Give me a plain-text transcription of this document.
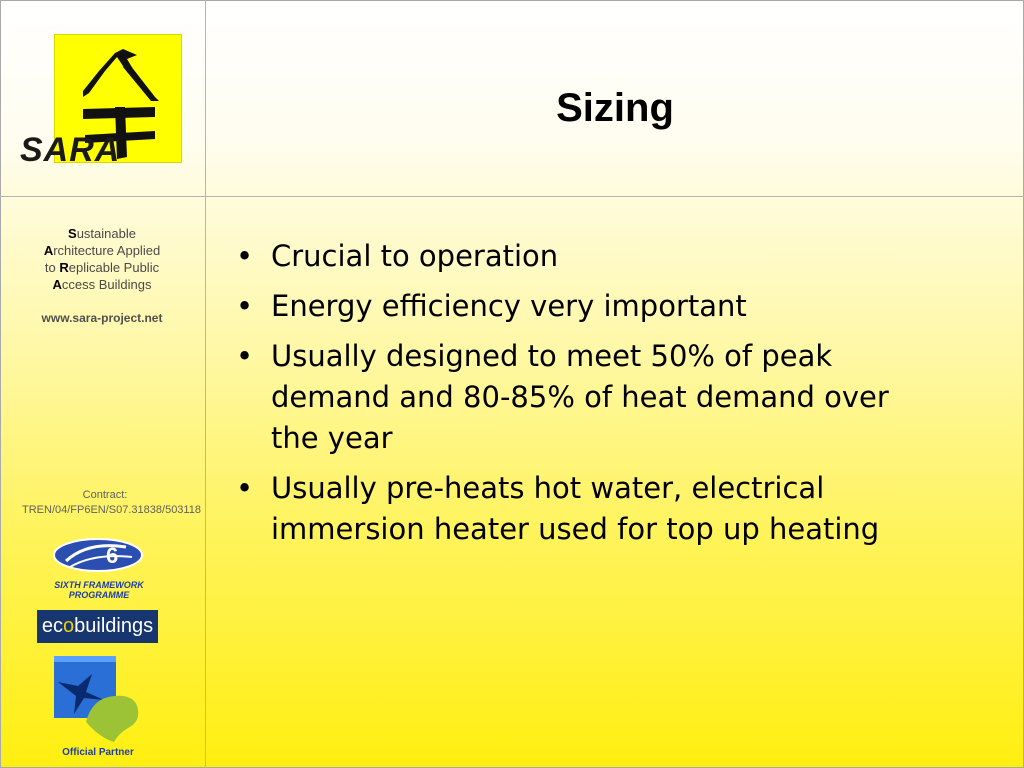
SARA
Sizing
Sustainable
Architecture Applied
to Replicable Public
Access Buildings
www.sara-project.net
Contract: TREN/04/FP6EN/S07.31838/503118
6
SIXTH FRAMEWORK
PROGRAMME
ecobuildings
Official Partner
• Crucial to operation
• Energy efficiency very important
• Usually designed to meet 50% of peak demand and 80-85% of heat demand over the year
• Usually pre-heats hot water, electrical immersion heater used for top up heating
